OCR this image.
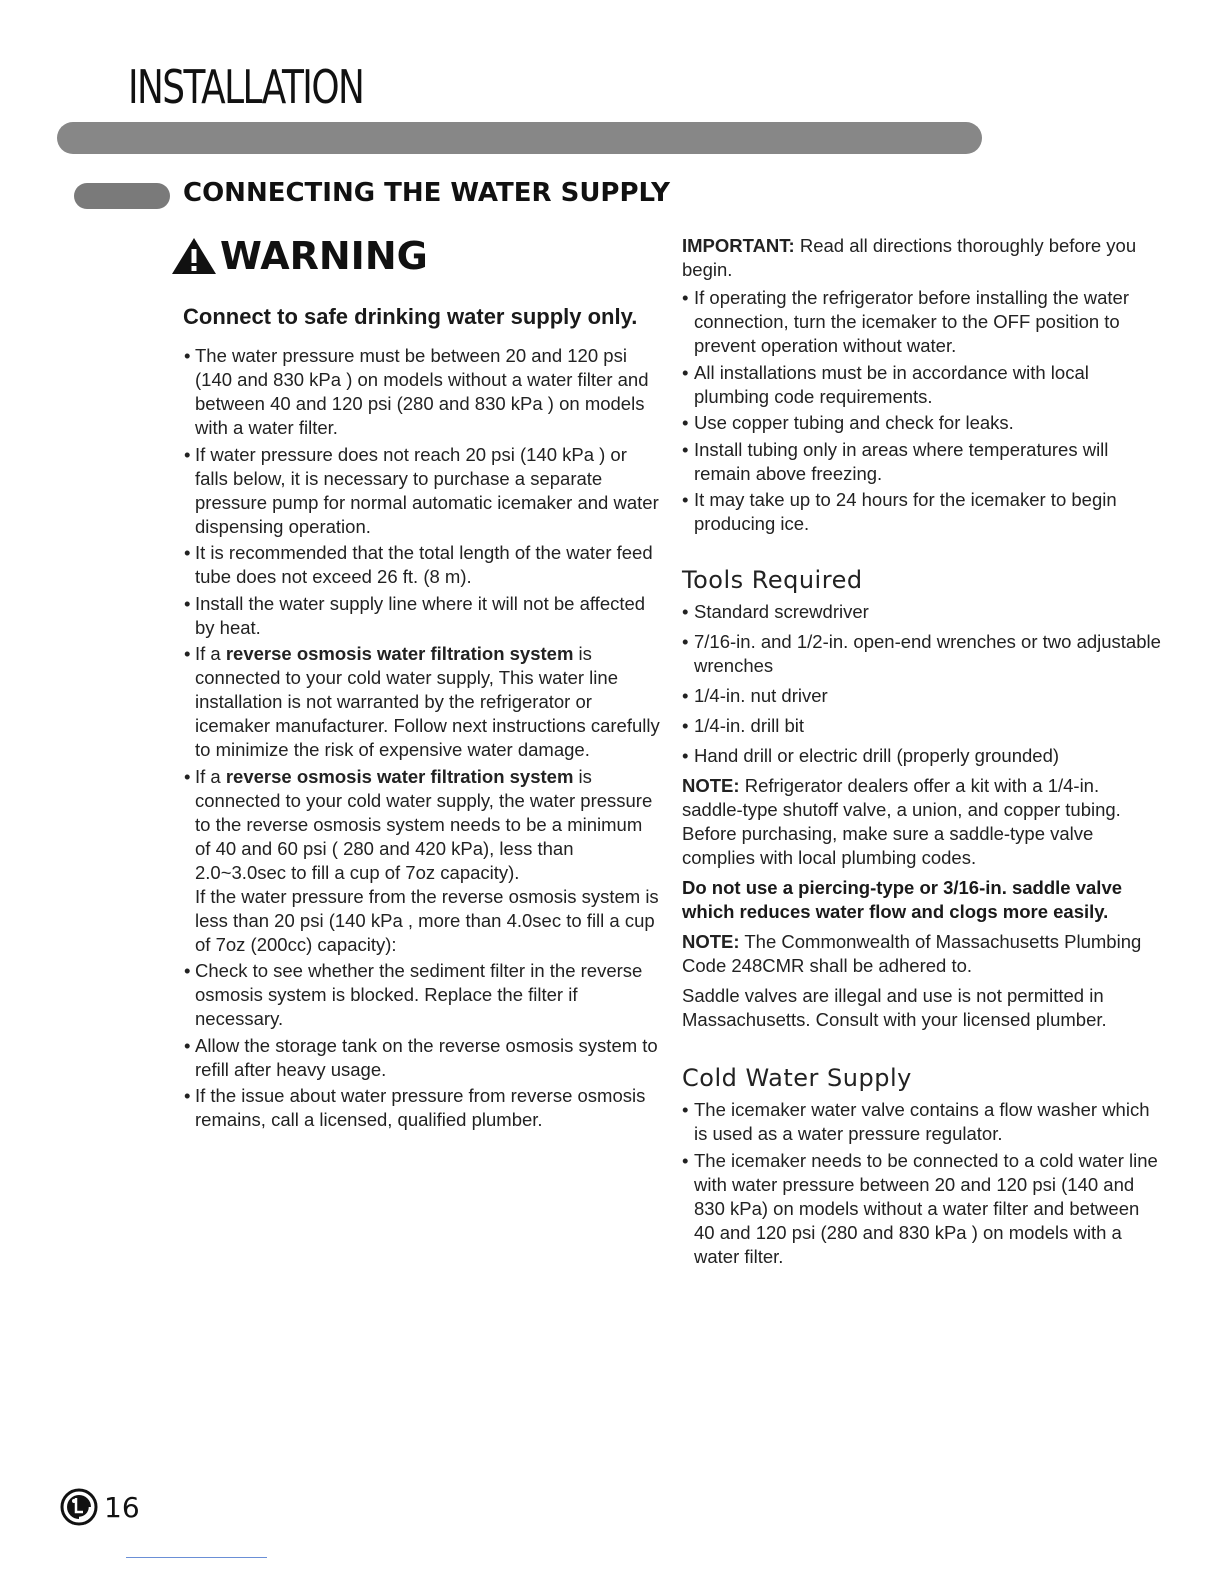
INSTALLATION
CONNECTING THE WATER SUPPLY
WARNING

Connect to safe drinking water supply only.

• The water pressure must be between 20 and 120 psi (140 and 830 kPa ) on models without a water filter and between 40 and 120 psi (280 and 830 kPa ) on models with a water filter.
• If water pressure does not reach 20 psi (140 kPa ) or falls below, it is necessary to purchase a separate pressure pump for normal automatic icemaker and water dispensing operation.
• It is recommended that the total length of the water feed tube does not exceed 26 ft. (8 m).
• Install the water supply line where it will not be affected by heat.
• If a reverse osmosis water filtration system is connected to your cold water supply, This water line installation is not warranted by the refrigerator or icemaker manufacturer. Follow next instructions carefully to minimize the risk of expensive water damage.
• If a reverse osmosis water filtration system is connected to your cold water supply, the water pressure to the reverse osmosis system needs to be a minimum of 40 and 60 psi ( 280 and 420 kPa), less than 2.0~3.0sec to fill a cup of 7oz capacity).
If the water pressure from the reverse osmosis system is less than 20 psi (140 kPa , more than 4.0sec to fill a cup of 7oz (200cc) capacity):
• Check to see whether the sediment filter in the reverse osmosis system is blocked. Replace the filter if necessary.
• Allow the storage tank on the reverse osmosis system to refill after heavy usage.
• If the issue about water pressure from reverse osmosis remains, call a licensed, qualified plumber.

IMPORTANT: Read all directions thoroughly before you begin.

• If operating the refrigerator before installing the water connection, turn the icemaker to the OFF position to prevent operation without water.
• All installations must be in accordance with local plumbing code requirements.
• Use copper tubing and check for leaks.
• Install tubing only in areas where temperatures will remain above freezing.
• It may take up to 24 hours for the icemaker to begin producing ice.
Tools Required
• Standard screwdriver
• 7/16-in. and 1/2-in. open-end wrenches or two adjustable wrenches
• 1/4-in. nut driver
• 1/4-in. drill bit
• Hand drill or electric drill (properly grounded)

NOTE: Refrigerator dealers offer a kit with a 1/4-in. saddle-type shutoff valve, a union, and copper tubing. Before purchasing, make sure a saddle-type valve complies with local plumbing codes.

Do not use a piercing-type or 3/16-in. saddle valve which reduces water flow and clogs more easily.

NOTE: The Commonwealth of Massachusetts Plumbing Code 248CMR shall be adhered to.

Saddle valves are illegal and use is not permitted in Massachusetts. Consult with your licensed plumber.

Cold Water Supply
• The icemaker water valve contains a flow washer which is used as a water pressure regulator.
• The icemaker needs to be connected to a cold water line with water pressure between 20 and 120 psi (140 and 830 kPa) on models without a water filter and between 40 and 120 psi (280 and 830 kPa ) on models with a water filter.
16
